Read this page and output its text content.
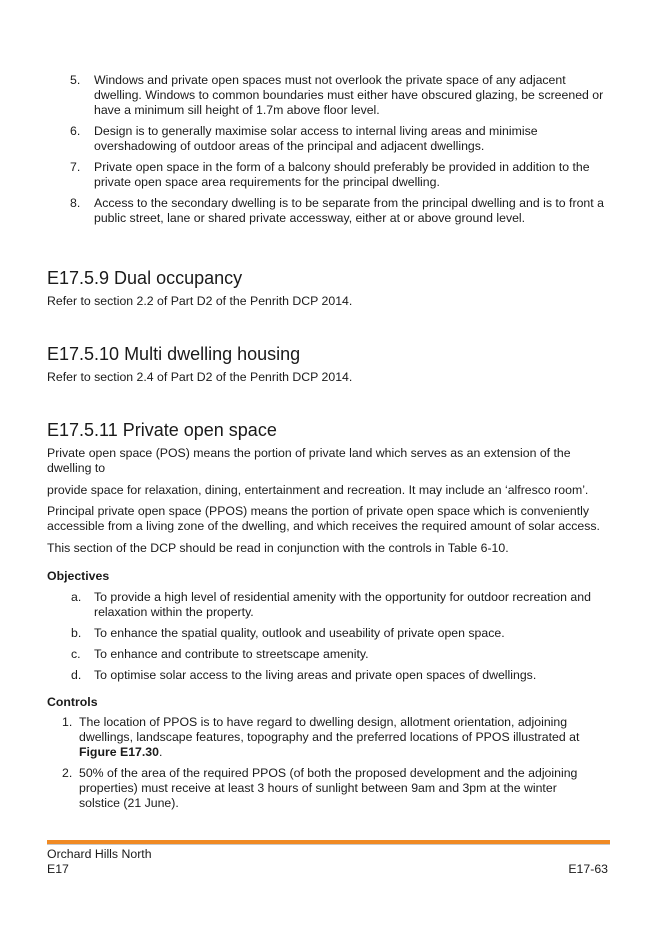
5. Windows and private open spaces must not overlook the private space of any adjacent dwelling. Windows to common boundaries must either have obscured glazing, be screened or have a minimum sill height of 1.7m above floor level.
6. Design is to generally maximise solar access to internal living areas and minimise overshadowing of outdoor areas of the principal and adjacent dwellings.
7. Private open space in the form of a balcony should preferably be provided in addition to the private open space area requirements for the principal dwelling.
8. Access to the secondary dwelling is to be separate from the principal dwelling and is to front a public street, lane or shared private accessway, either at or above ground level.
E17.5.9 Dual occupancy

Refer to section 2.2 of Part D2 of the Penrith DCP 2014.

E17.5.10 Multi dwelling housing

Refer to section 2.4 of Part D2 of the Penrith DCP 2014.

E17.5.11 Private open space

Private open space (POS) means the portion of private land which serves as an extension of the dwelling to

provide space for relaxation, dining, entertainment and recreation. It may include an ‘alfresco room’.

Principal private open space (PPOS) means the portion of private open space which is conveniently accessible from a living zone of the dwelling, and which receives the required amount of solar access.

This section of the DCP should be read in conjunction with the controls in Table 6-10.

Objectives

a. To provide a high level of residential amenity with the opportunity for outdoor recreation and relaxation within the property.
b. To enhance the spatial quality, outlook and useability of private open space.
c. To enhance and contribute to streetscape amenity.
d. To optimise solar access to the living areas and private open spaces of dwellings.

Controls

1. The location of PPOS is to have regard to dwelling design, allotment orientation, adjoining dwellings, landscape features, topography and the preferred locations of PPOS illustrated at Figure E17.30.
2. 50% of the area of the required PPOS (of both the proposed development and the adjoining properties) must receive at least 3 hours of sunlight between 9am and 3pm at the winter solstice (21 June).
Orchard Hills North
E17	E17-63
